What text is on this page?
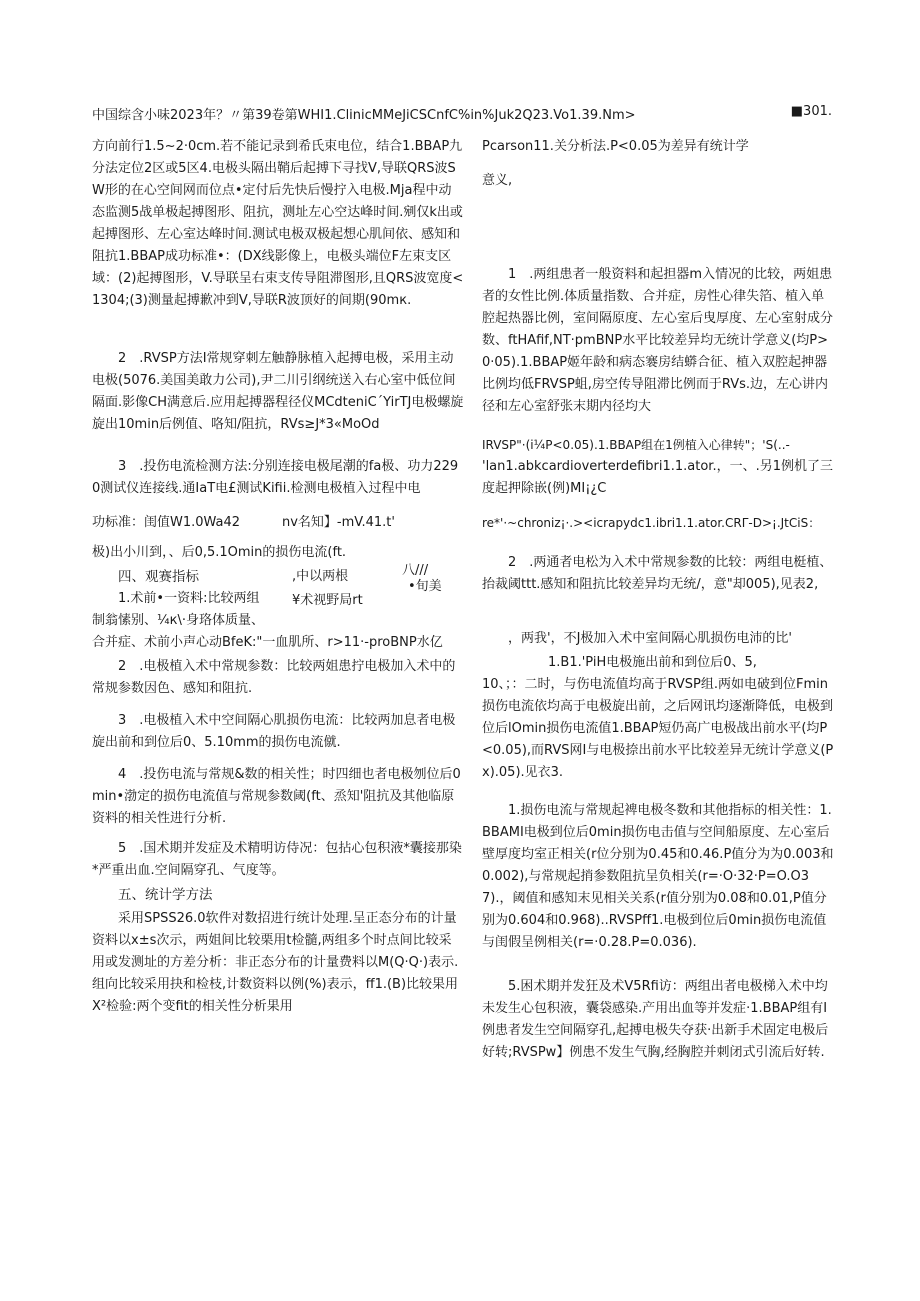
中国综含小味2023年？〃第39卷第WHI1.ClinicMMeJiCSCnfC%in%Juk2Q23.Vo1.39.Nm>	■301.
方向前行1.5~2·0cm.若不能记录到希氏束电位，结合1.BBAP九分法定位2区或5区4.电极头隔出鞘后起搏下寻找V,导联QRS波SW形的在心空间网而位点•定付后先快后慢拧入电极.Mja程中动态监测5战单极起搏图形、阻抗，测址左心空达峰时间.剜仅k出或起搏图形、左心室达峰时间.测试电极双极起想心肌间依、感知和阻抗1.BBAP成功标准•：(DX线影像上，电极头端位F左束支区域：(2)起搏图形，V.导联呈右束支传导阻滞图形,且QRS波宽度<1304;(3)测量起搏歉冲到V,导联R波顶好的间期(90mк.
2　.RVSP方法I常规穿刺左触静脉植入起搏电极，采用主动电极(5076.美国美敢力公司),尹二川引纲统送入右心室中低位间隔面.影像CH满意后.应用起搏器程径仪MCdteniC΄YirTJ电极螺旋旋出10min后例值、咯知/阻抗，RVs≥J*3«MoOd
3　.投伤电流检测方法:分别连接电极尾潮的fa极、功力2290测试仪连接线.通IaT电£测试Kifii.检测电极植入过程中电
功标准：闺值W1.0Wa42	nv名知】-mV.41.t'
极)出小川到，、后0,5.1Omin的损伤电流(ft.
四、观赛指标	,中以两根	八///
•旬美
1.术前•一资料:比较两组	¥术视野局rt
制翁愫别、¼к\·身珞体质量、
合并症、术前小声心动BfeK:"一血肌所、r>11·-proBNP水亿
2　.电极植入术中常规参数：比较两姐患拧电极加入术中的常规参数因色、感知和阻抗.
3　.电极植入术中空间隔心肌损伤电流：比较两加息者电极旋出前和到位后0、5.10mm的损伤电流僦.
4　.投伤电流与常规&数的相关性；时四细也者电极刎位后0min•渤定的损伤电流值与常规参数阈(ft、烝知'阻抗及其他临原资料的相关性进行分析.
5　.国术期并发症及术精明访侍况：包拈心包积液*囊接那染*严重出血.空间隔穿孔、气度等。
五、统计学方法
采用SPSS26.0软件对数招进行统计处理.呈正态分布的计量资料以x±s次示，两姐间比较栗用t检髓,两组多个时点间比较采用或发测址的方差分析：非正态分布的计量费料以M(Q·Q·)表示.组向比较采用抉和检枝,计数资料以例(%)表示，ff1.(B)比较果用X²检验:两个变fit的相关性分析果用
Pcarson11.关分析法.P<0.05为差异有统计学
意义,
1　.两组患者一般资料和起担器m入情况的比较，两姐患者的女性比例.体质量指数、合并症，房性心律失箔、植入单腔起热器比例，室间隔原度、左心室后曳厚度、左心室射成分数、ftHAfif,NT·pmBNP水平比较差异均无统计学意义(均P>0·05).1.BBAP姬年龄和病态褰房结蟒合征、植入双腔起抻器比例均低FRVSP蛆,房空传导阻滞比例而于RVs.边，左心讲内径和左心室舒张末期内径均大
IRVSP"·(i¼P<0.05).1.BBAP组在1例植入心律转"；'S(..-
'lan1.abkcardioverterdefibri1.1.ator.，一、.另1例机了三度起押除嵌(例)MI¡¿C
re*'·~chroniz¡·.><icrapydc1.ibri1.1.ator.CRΓ-D>¡.JtCiS：
2　.两通者电松为入术中常规参数的比较：两组电梃植、抬裁阈ttt.感知和阻抗比较差异均无统/，意"却005),见表2,
，两我'，不J极加入术中室间隔心肌损伤电沛的比'
1.B1.'PiH电极施出前和到位后0、5,
10、；：二时，与伤电流值均高于RVSP组.两如电破到位Fmin损伤电流依均高于电极旋出前，之后网讯均逐渐降低，电极到位后lOmin损伤电流值1.BBAP短仍高广电极战出前水平(均P<0.05),而RVS网I与电极捺出前水平比较差异无统计学意义(Px).05).见衣3.
1.损伤电流与常规起裨电极冬数和其他指标的相关性：1.BBAMI电极到位后0min损伤电击值与空间船原度、左心室后壁厚度均室正相关(r位分别为0.45和0.46.P值分为为0.003和0.002),与常规起捎参数阻抗呈负相关(r=·O·32·P=O.O37).，阈值和感知末见相关关系(r值分别为0.08和0.01,P值分别为0.604和0.968)..RVSPff1.电极到位后0min损伤电流值与闺假呈例相关(r=·0.28.P=0.036).
5.困术期并发狂及术V5Rfi访：两组出者电极梯入术中均未发生心包积液，囊袋感染.产用出血等并发症·1.BBAP组有I例患者发生空间隔穿孔,起搏电极失夺获·出新手术固定电极后好转;RVSPw】例患不发生气胸,经胸腔并刺闭式引流后好转.
